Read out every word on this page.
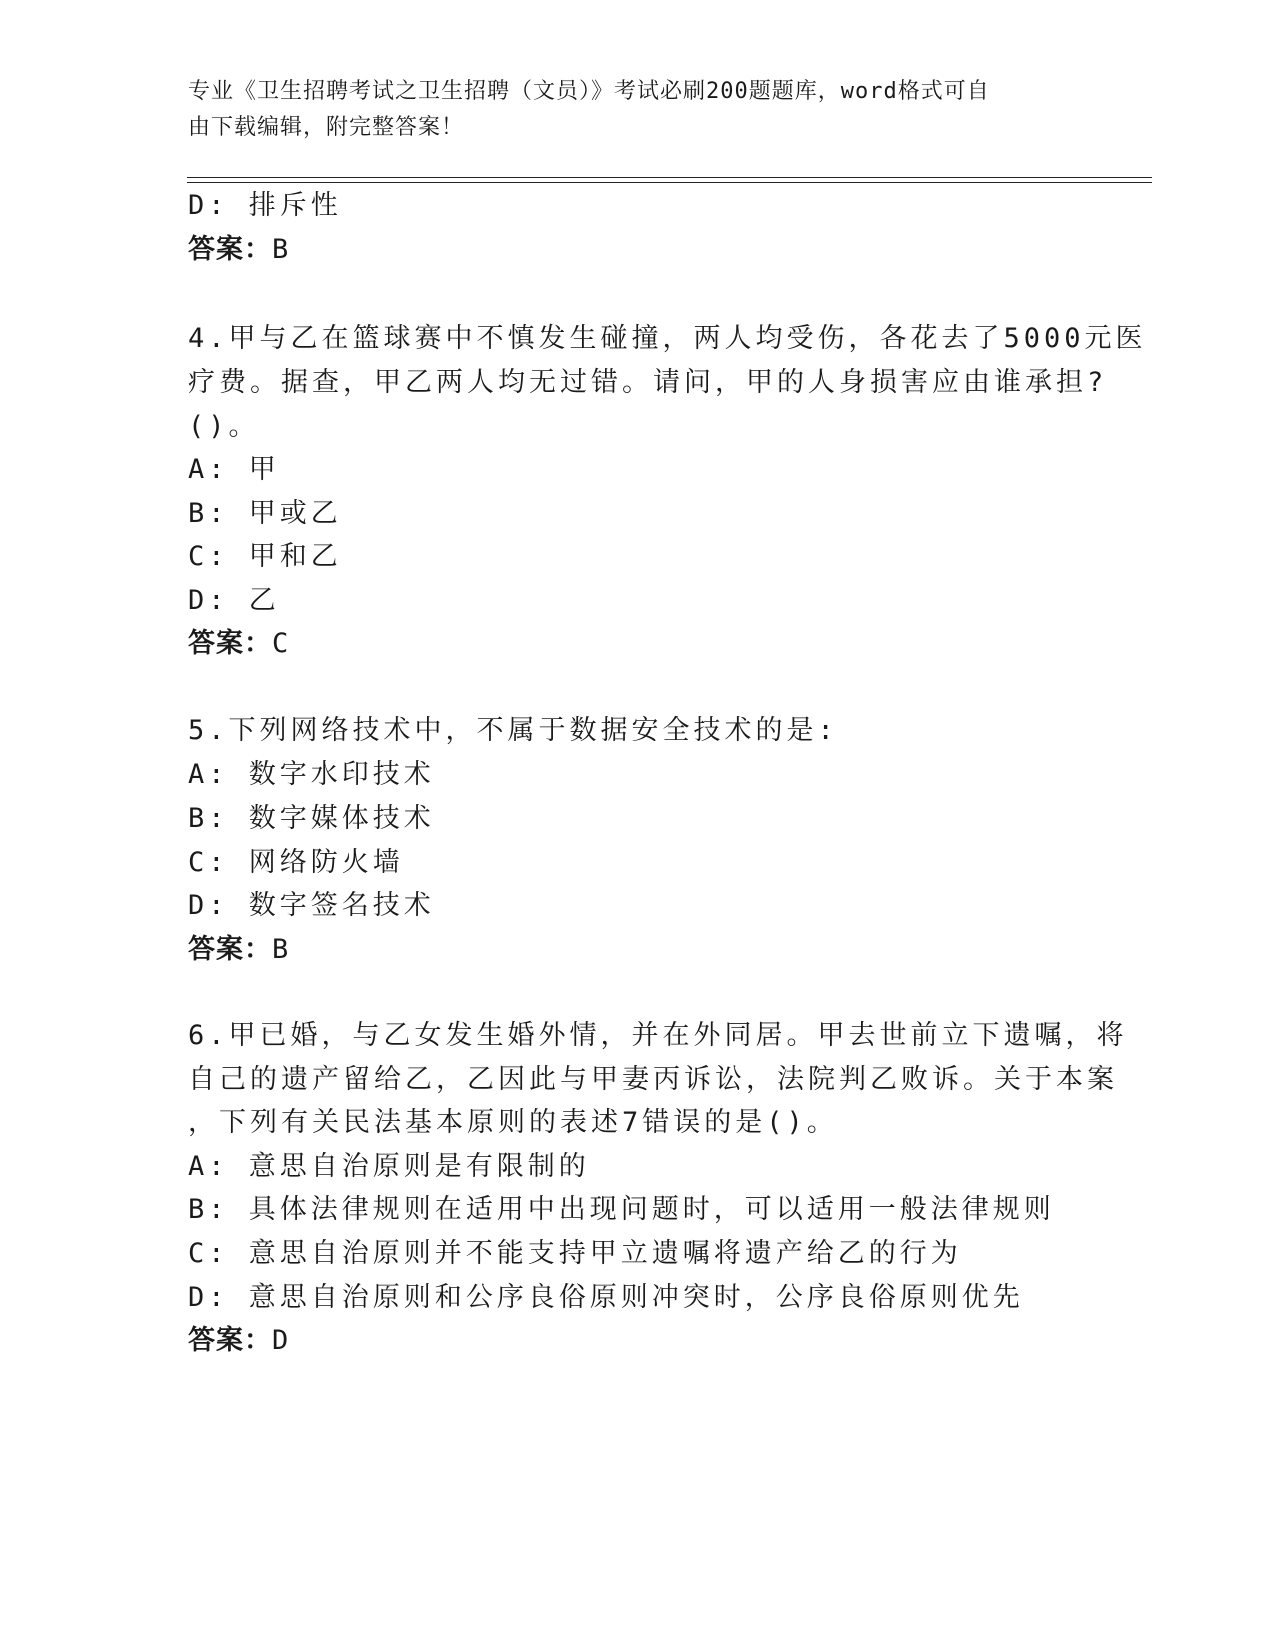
专业《卫生招聘考试之卫生招聘（文员）》考试必刷200题题库，word格式可自
由下载编辑，附完整答案！
D: 排斥性
答案：B
4.甲与乙在篮球赛中不慎发生碰撞，两人均受伤，各花去了5000元医
疗费。据查，甲乙两人均无过错。请问，甲的人身损害应由谁承担?
()。
A: 甲
B: 甲或乙
C: 甲和乙
D: 乙
答案：C
5.下列网络技术中，不属于数据安全技术的是:
A: 数字水印技术
B: 数字媒体技术
C: 网络防火墙
D: 数字签名技术
答案：B
6.甲已婚，与乙女发生婚外情，并在外同居。甲去世前立下遗嘱，将
自己的遗产留给乙，乙因此与甲妻丙诉讼，法院判乙败诉。关于本案
，下列有关民法基本原则的表述7错误的是()。
A: 意思自治原则是有限制的
B: 具体法律规则在适用中出现问题时，可以适用一般法律规则
C: 意思自治原则并不能支持甲立遗嘱将遗产给乙的行为
D: 意思自治原则和公序良俗原则冲突时，公序良俗原则优先
答案：D
